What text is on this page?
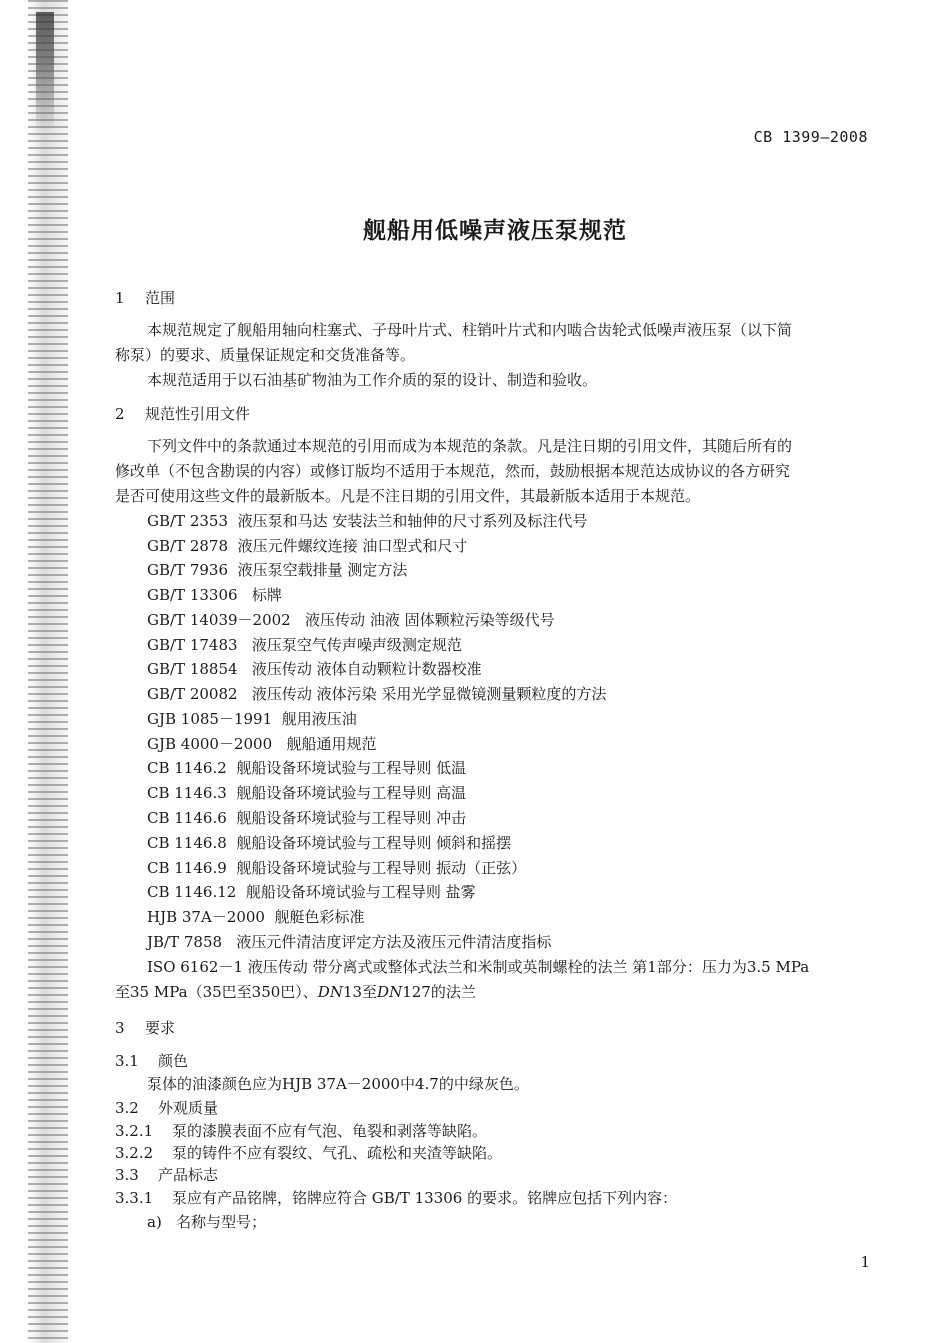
CB 1399—2008
舰船用低噪声液压泵规范
1 范围
本规范规定了舰船用轴向柱塞式、子母叶片式、柱销叶片式和内啮合齿轮式低噪声液压泵（以下简
称泵）的要求、质量保证规定和交货准备等。
本规范适用于以石油基矿物油为工作介质的泵的设计、制造和验收。
2 规范性引用文件
下列文件中的条款通过本规范的引用而成为本规范的条款。凡是注日期的引用文件，其随后所有的
修改单（不包含勘误的内容）或修订版均不适用于本规范，然而，鼓励根据本规范达成协议的各方研究
是否可使用这些文件的最新版本。凡是不注日期的引用文件，其最新版本适用于本规范。
GB/T 2353 液压泵和马达 安装法兰和轴伸的尺寸系列及标注代号
GB/T 2878 液压元件螺纹连接 油口型式和尺寸
GB/T 7936 液压泵空载排量 测定方法
GB/T 13306 标牌
GB/T 14039－2002 液压传动 油液 固体颗粒污染等级代号
GB/T 17483 液压泵空气传声噪声级测定规范
GB/T 18854 液压传动 液体自动颗粒计数器校准
GB/T 20082 液压传动 液体污染 采用光学显微镜测量颗粒度的方法
GJB 1085－1991 舰用液压油
GJB 4000－2000 舰船通用规范
CB 1146.2 舰船设备环境试验与工程导则 低温
CB 1146.3 舰船设备环境试验与工程导则 高温
CB 1146.6 舰船设备环境试验与工程导则 冲击
CB 1146.8 舰船设备环境试验与工程导则 倾斜和摇摆
CB 1146.9 舰船设备环境试验与工程导则 振动（正弦）
CB 1146.12 舰船设备环境试验与工程导则 盐雾
HJB 37A－2000 舰艇色彩标准
JB/T 7858 液压元件清洁度评定方法及液压元件清洁度指标
ISO 6162－1 液压传动 带分离式或整体式法兰和米制或英制螺栓的法兰 第1部分：压力为3.5 MPa
至35 MPa（35巴至350巴）、DN13至DN127的法兰
3 要求
3.1 颜色
泵体的油漆颜色应为HJB 37A－2000中4.7的中绿灰色。
3.2 外观质量
3.2.1 泵的漆膜表面不应有气泡、龟裂和剥落等缺陷。
3.2.2 泵的铸件不应有裂纹、气孔、疏松和夹渣等缺陷。
3.3 产品标志
3.3.1 泵应有产品铭牌，铭牌应符合 GB/T 13306 的要求。铭牌应包括下列内容：
a) 名称与型号；
1
